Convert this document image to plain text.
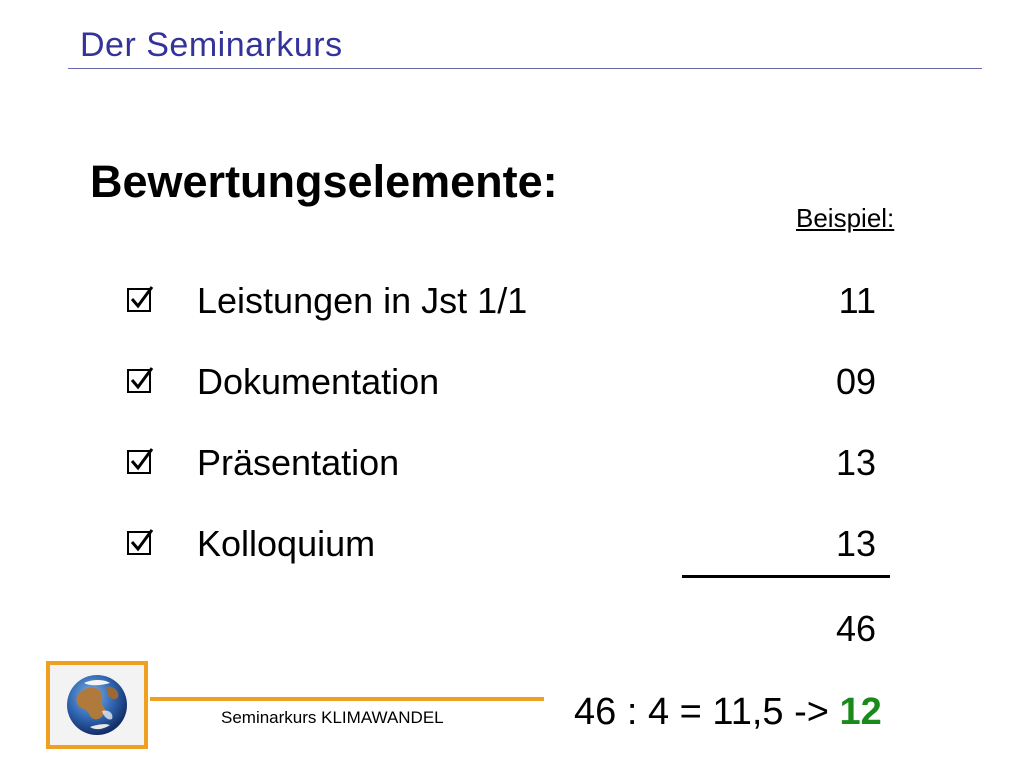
Der Seminarkurs
Bewertungselemente:
Beispiel:
Leistungen in Jst 1/1	11
Dokumentation	09
Präsentation	13
Kolloquium	13
46
46 : 4 = 11,5 -> 12
Seminarkurs KLIMAWANDEL
